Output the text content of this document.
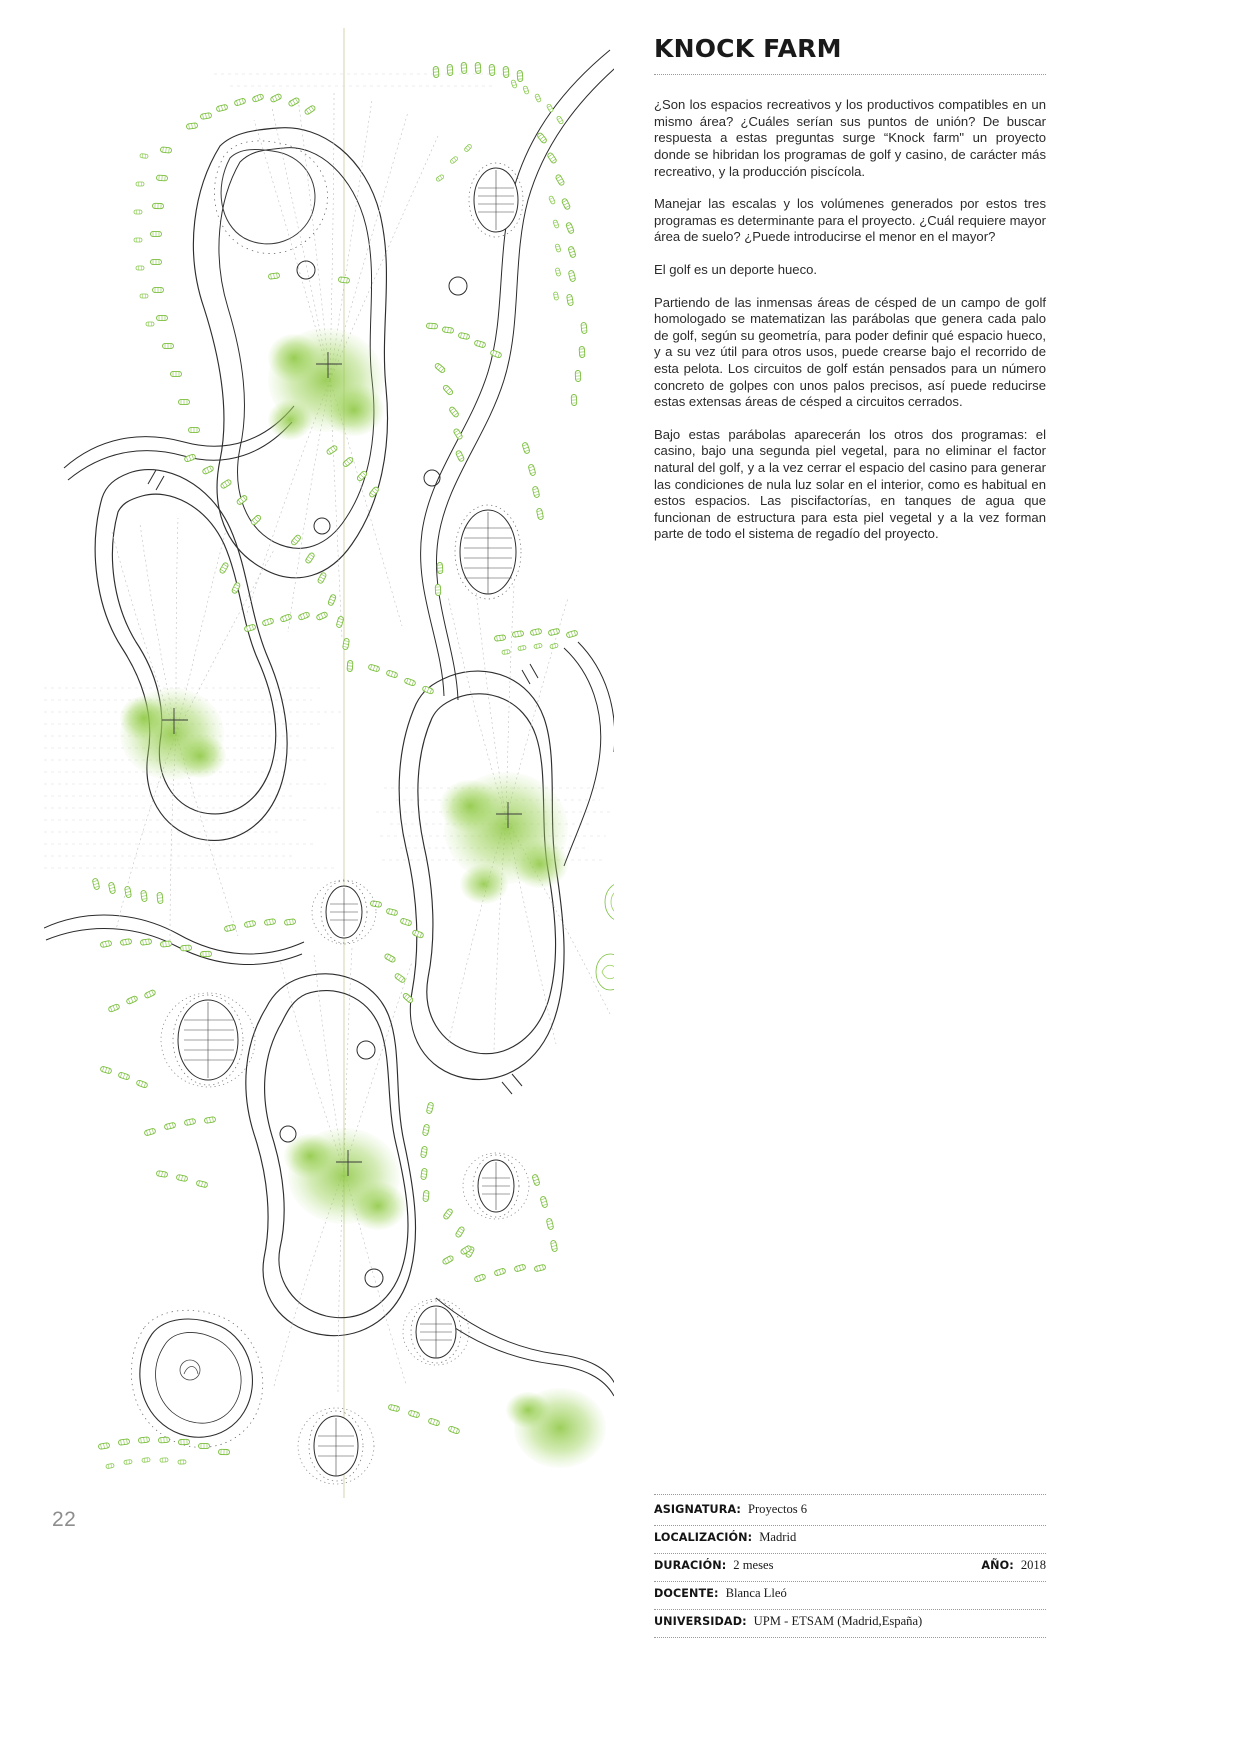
KNOCK FARM

¿Son los espacios recreativos y los productivos compatibles en un mismo área? ¿Cuáles serían sus puntos de unión? De buscar respuesta a estas preguntas surge “Knock farm" un proyecto donde se hibridan los programas de golf y casino, de carácter más recreativo, y la producción piscícola.

Manejar las escalas y los volúmenes generados por estos tres programas es determinante para el proyecto. ¿Cuál requiere mayor área de suelo? ¿Puede introducirse el menor en el mayor?

El golf es un deporte hueco.

Partiendo de las inmensas áreas de césped de un campo de golf homologado se matematizan las parábolas que genera cada palo de golf, según su geometría, para poder definir qué espacio hueco, y a su vez útil para otros usos, puede crearse bajo el recorrido de esta pelota. Los circuitos de golf están pensados para un número concreto de golpes con unos palos precisos, así puede reducirse estas extensas áreas de césped a circuitos cerrados.

Bajo estas parábolas aparecerán los otros dos programas: el casino, bajo una segunda piel vegetal, para no eliminar el factor natural del golf, y a la vez cerrar el espacio del casino para generar las condiciones de nula luz solar en el interior, como es habitual en estos espacios. Las piscifactorías, en tanques de agua que funcionan de estructura para esta piel vegetal y a la vez forman parte de todo el sistema de regadío del proyecto.

ASIGNATURA: Proyectos 6
LOCALIZACIÓN: Madrid
DURACIÓN: 2 meses	AÑO: 2018
DOCENTE: Blanca Lleó
UNIVERSIDAD: UPM - ETSAM (Madrid,España)
22
